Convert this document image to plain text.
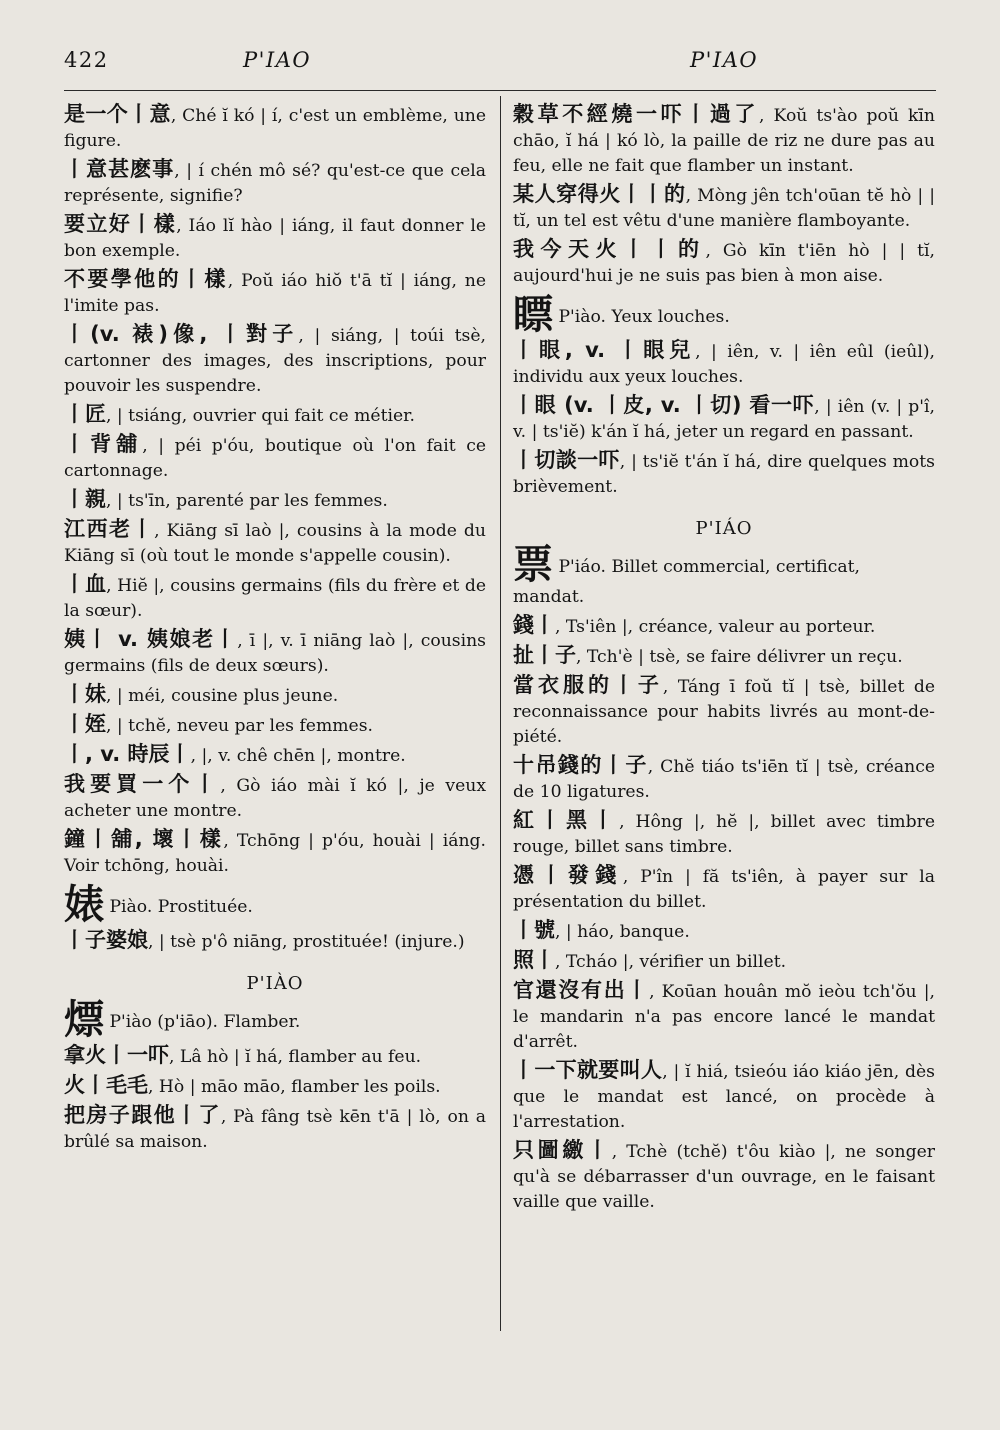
422	P'IAO	P'IAO
是一个丨意, Ché ĭ kó | í, c'est un emblème, une figure.
丨意甚麽事, | í chén mô sé? qu'est-ce que cela représente, signifie?
要立好丨樣, Iáo lĭ hào | iáng, il faut donner le bon exemple.
不要學他的丨樣, Poŭ iáo hiŏ t'ā tĭ | iáng, ne l'imite pas.
丨(v. 裱)像, 丨對子, | siáng, | toúi tsè, cartonner des images, des inscriptions, pour pouvoir les suspendre.
丨匠, | tsiáng, ouvrier qui fait ce métier.
丨背舖, | péi p'óu, boutique où l'on fait ce cartonnage.
丨親, | ts'īn, parenté par les femmes.
江西老丨, Kiāng sī laò |, cousins à la mode du Kiāng sī (où tout le monde s'appelle cousin).
丨血, Hiĕ |, cousins germains (fils du frère et de la sœur).
姨丨 v. 姨娘老丨, ī |, v. ī niāng laò |, cousins germains (fils de deux sœurs).
丨妹, | méi, cousine plus jeune.
丨姪, | tchĕ, neveu par les femmes.
丨, v. 時辰丨, |, v. chê chēn |, montre.
我要買一个丨, Gò iáo mài ĭ kó |, je veux acheter une montre.
鐘丨舖, 壞丨樣, Tchōng | p'óu, houài | iáng. Voir tchōng, houài.
婊 Piào. Prostituée.
丨子婆娘, | tsè p'ô niāng, prostituée! (injure.)
P'IÀO
熛 P'iào (p'iāo). Flamber.
拿火丨一吓, Lâ hò | ĭ há, flamber au feu.
火丨毛毛, Hò | māo māo, flamber les poils.
把房子跟他丨了, Pà fâng tsè kēn t'ā | lò, on a brûlé sa maison.
穀草不經燒一吓丨過了, Koŭ ts'ào poŭ kīn chāo, ĭ há | kó lò, la paille de riz ne dure pas au feu, elle ne fait que flamber un instant.
某人穿得火丨丨的, Mòng jên tch'oūan tĕ hò | | tĭ, un tel est vêtu d'une manière flamboyante.
我今天火丨丨的, Gò kīn t'iēn hò | | tĭ, aujourd'hui je ne suis pas bien à mon aise.
瞟 P'iào. Yeux louches.
丨眼, v. 丨眼兒, | iên, v. | iên eûl (ieûl), individu aux yeux louches.
丨眼 (v. 丨皮, v. 丨切) 看一吓, | iên (v. | p'î, v. | ts'iĕ) k'án ĭ há, jeter un regard en passant.
丨切談一吓, | ts'iĕ t'án ĭ há, dire quelques mots brièvement.
P'IÁO
票 P'iáo. Billet commercial, certificat, mandat.
錢丨, Ts'iên |, créance, valeur au porteur.
扯丨子, Tch'è | tsè, se faire délivrer un reçu.
當衣服的丨子, Táng ī foŭ tĭ | tsè, billet de reconnaissance pour habits livrés au mont-de-piété.
十吊錢的丨子, Chĕ tiáo ts'iēn tĭ | tsè, créance de 10 ligatures.
紅丨黑丨, Hông |, hĕ |, billet avec timbre rouge, billet sans timbre.
憑丨發錢, P'în | fă ts'iên, à payer sur la présentation du billet.
丨號, | háo, banque.
照丨, Tcháo |, vérifier un billet.
官還沒有出丨, Koūan houân mŏ ieòu tch'ŏu |, le mandarin n'a pas encore lancé le mandat d'arrêt.
丨一下就要叫人, | ĭ hiá, tsieóu iáo kiáo jēn, dès que le mandat est lancé, on procède à l'arrestation.
只圖繳丨, Tchè (tchĕ) t'ôu kiào |, ne songer qu'à se débarrasser d'un ouvrage, en le faisant vaille que vaille.
